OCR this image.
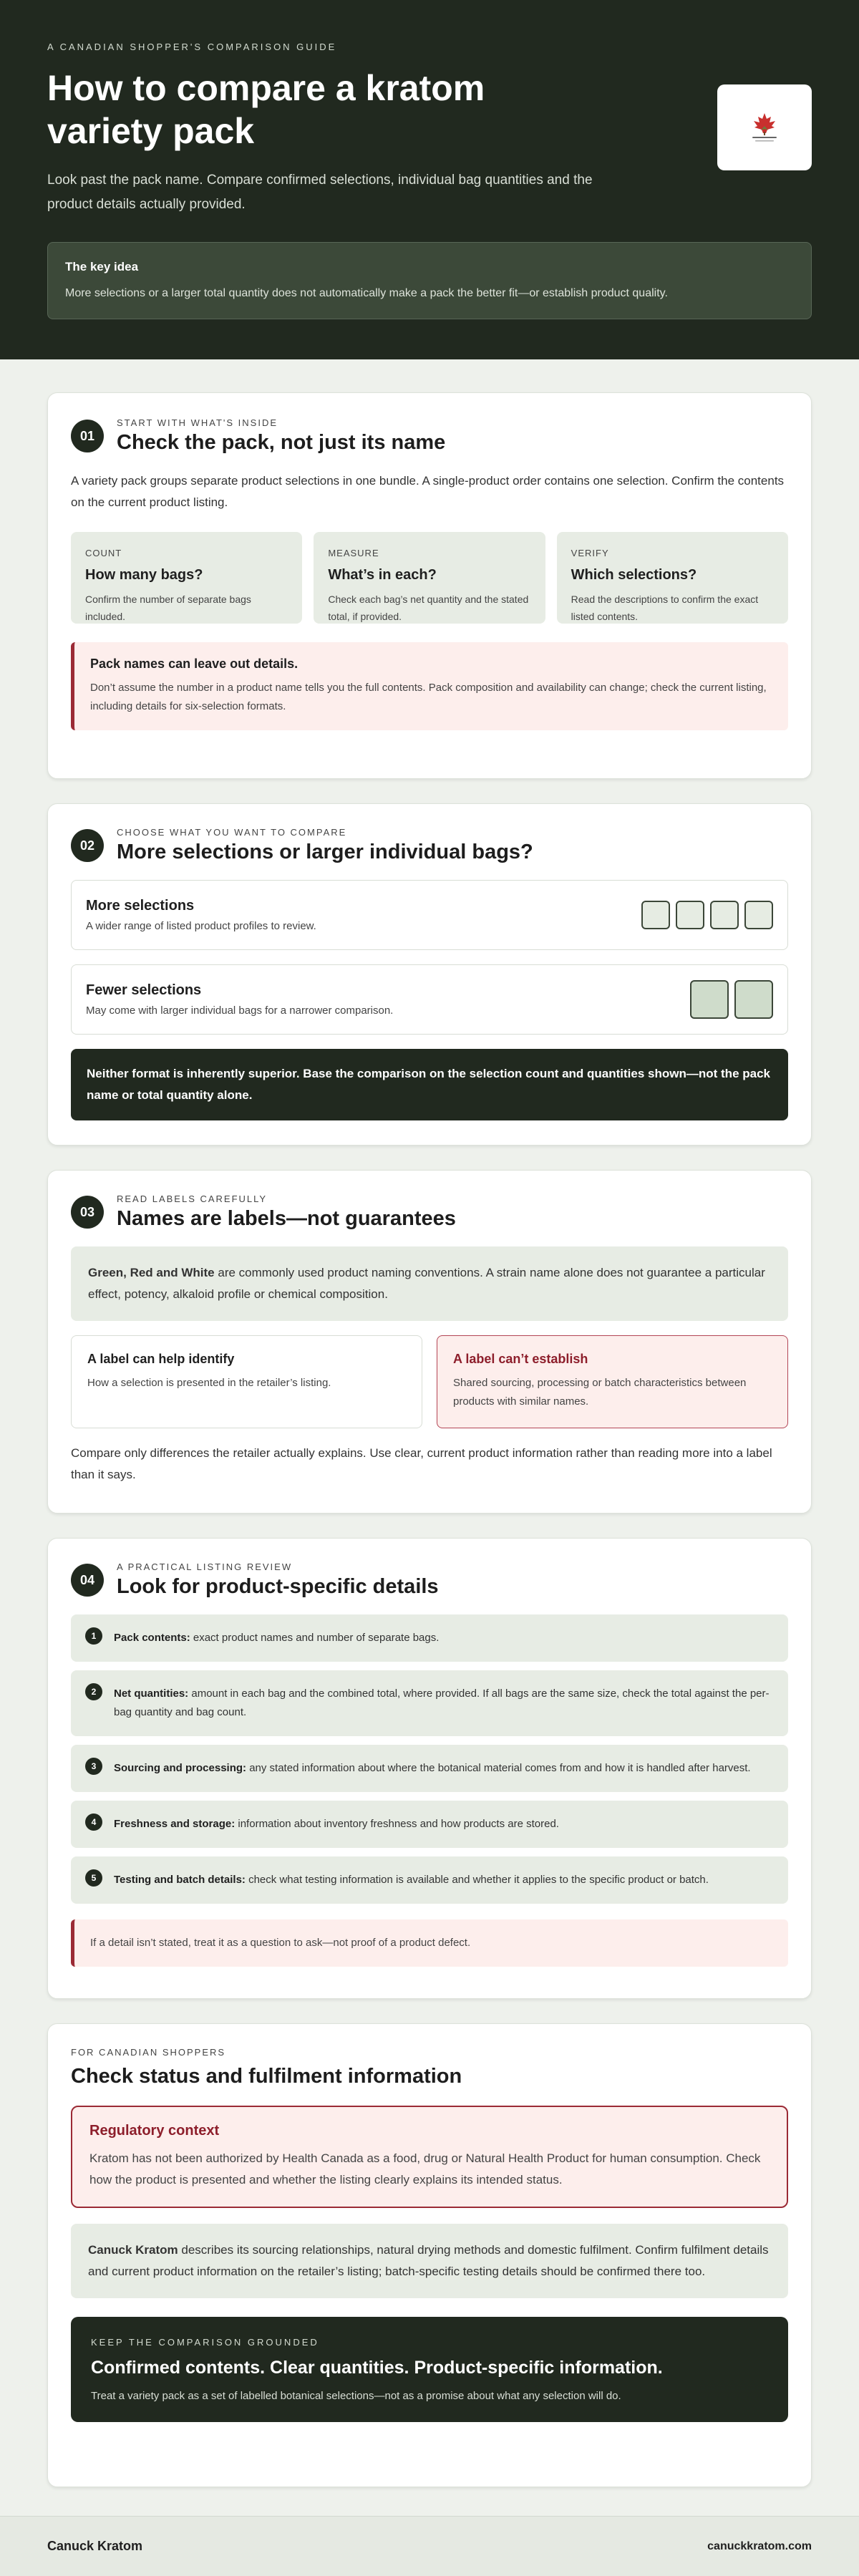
A CANADIAN SHOPPER'S COMPARISON GUIDE
How to compare a kratom variety pack

Look past the pack name. Compare confirmed selections, individual bag quantities and the product details actually provided.

The key idea
More selections or a larger total quantity does not automatically make a pack the better fit—or establish product quality.
01
START WITH WHAT'S INSIDE
Check the pack, not just its name

A variety pack groups separate product selections in one bundle. A single-product order contains one selection. Confirm the contents on the current product listing.

COUNT
How many bags?
Confirm the number of separate bags included.
MEASURE
What’s in each?
Check each bag’s net quantity and the stated total, if provided.
VERIFY
Which selections?
Read the descriptions to confirm the exact listed contents.
Pack names can leave out details.
Don’t assume the number in a product name tells you the full contents. Pack composition and availability can change; check the current listing, including details for six-selection formats.
02
CHOOSE WHAT YOU WANT TO COMPARE
More selections or larger individual bags?
More selections
A wider range of listed product profiles to review.
Fewer selections
May come with larger individual bags for a narrower comparison.
Neither format is inherently superior. Base the comparison on the selection count and quantities shown—not the pack name or total quantity alone.
03
READ LABELS CAREFULLY
Names are labels—not guarantees
Green, Red and White are commonly used product naming conventions. A strain name alone does not guarantee a particular effect, potency, alkaloid profile or chemical composition.
A label can help identify
How a selection is presented in the retailer’s listing.
A label can’t establish
Shared sourcing, processing or batch characteristics between products with similar names.

Compare only differences the retailer actually explains. Use clear, current product information rather than reading more into a label than it says.

04
A PRACTICAL LISTING REVIEW
Look for product-specific details
1	Pack contents: exact product names and number of separate bags.
2	Net quantities: amount in each bag and the combined total, where provided. If all bags are the same size, check the total against the per-bag quantity and bag count.
3	Sourcing and processing: any stated information about where the botanical material comes from and how it is handled after harvest.
4	Freshness and storage: information about inventory freshness and how products are stored.
5	Testing and batch details: check what testing information is available and whether it applies to the specific product or batch.
If a detail isn’t stated, treat it as a question to ask—not proof of a product defect.
FOR CANADIAN SHOPPERS
Check status and fulfilment information
Regulatory context
Kratom has not been authorized by Health Canada as a food, drug or Natural Health Product for human consumption. Check how the product is presented and whether the listing clearly explains its intended status.
Canuck Kratom describes its sourcing relationships, natural drying methods and domestic fulfilment. Confirm fulfilment details and current product information on the retailer’s listing; batch-specific testing details should be confirmed there too.
KEEP THE COMPARISON GROUNDED
Confirmed contents. Clear quantities. Product-specific information.
Treat a variety pack as a set of labelled botanical selections—not as a promise about what any selection will do.
Canuck Kratom	canuckkratom.com
